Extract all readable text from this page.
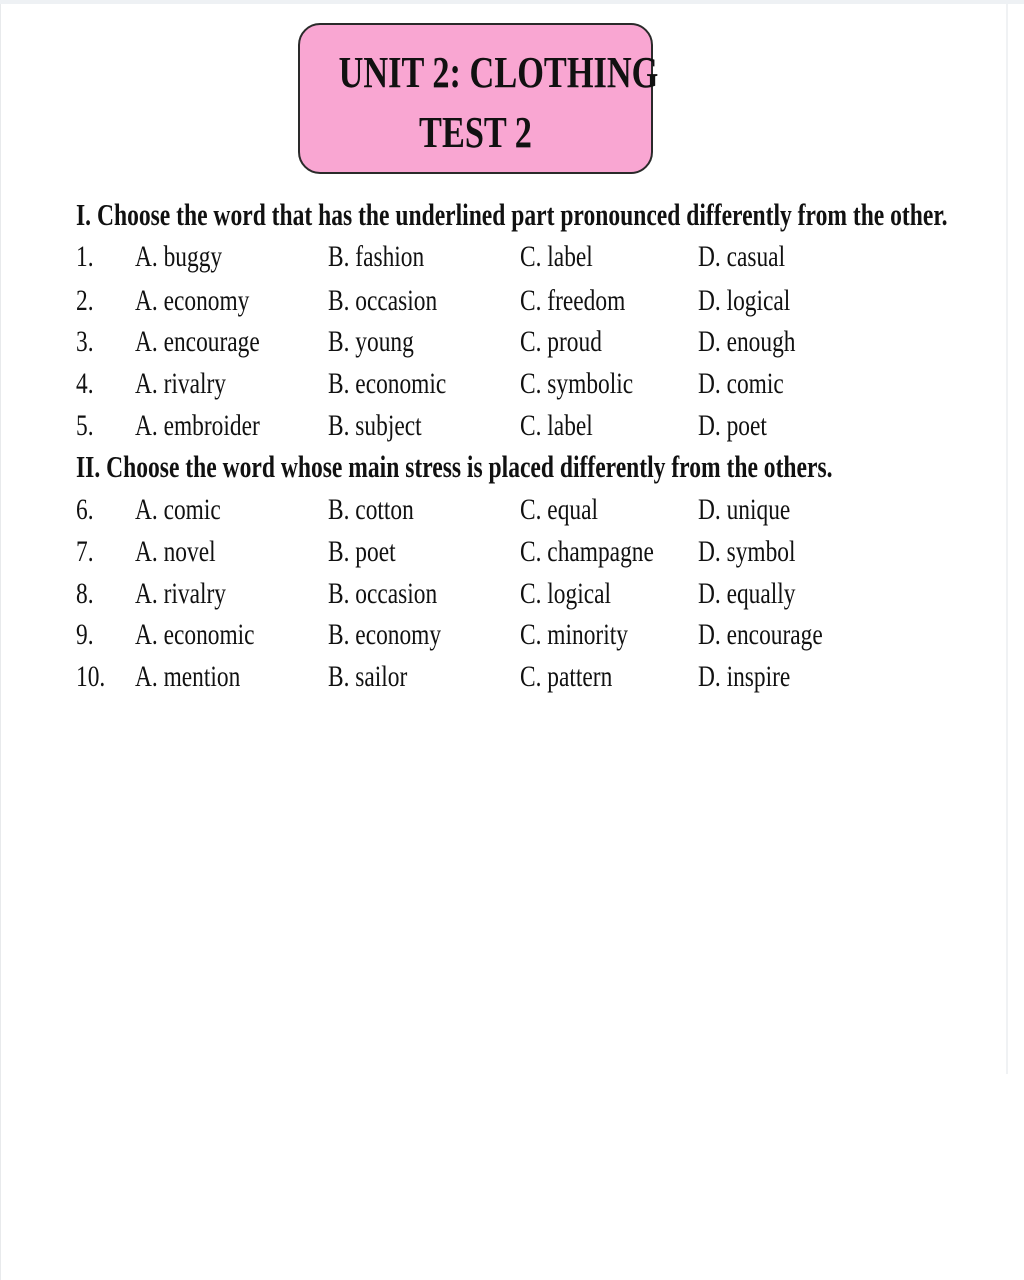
UNIT 2: CLOTHING
TEST 2
I. Choose the word that has the underlined part pronounced differently from the other.
1. A. buggy	B. fashion	C. label	D. casual
2. A. economy	B. occasion	C. freedom D. logical
3. A. encourage B. young	C. proud	D. enough
4. A. rivalry	B. economic C. symbolic D. comic
5. A. embroider B. subject	C. label	D. poet
II. Choose the word whose main stress is placed differently from the others.
6. A. comic	B. cotton	C. equal	D. unique
7. A. novel	B. poet	C. champagne D. symbol
8. A. rivalry	B. occasion	C. logical	D. equally
9. A. economic B. economy	C. minority D. encourage
10. A. mention	B. sailor	C. pattern	D. inspire
